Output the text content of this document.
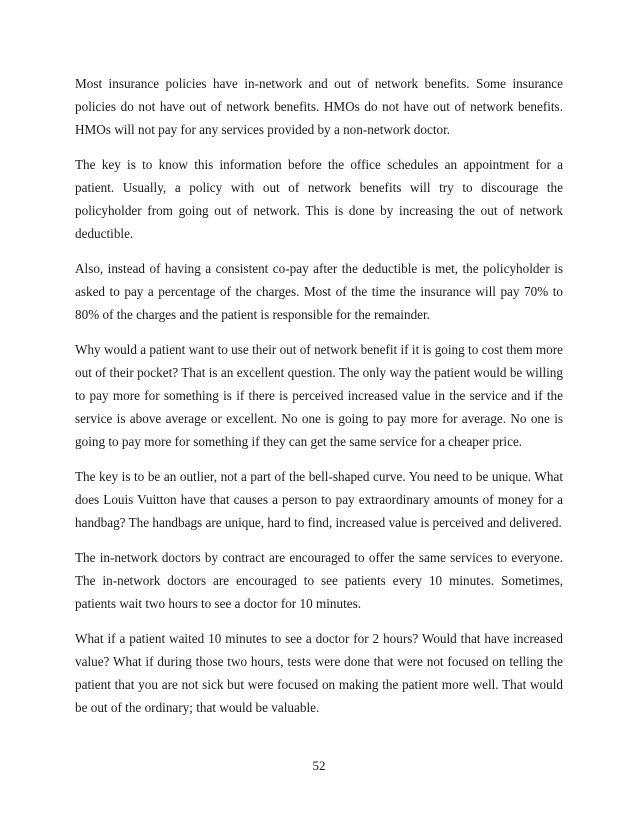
Most insurance policies have in-network and out of network benefits. Some insurance policies do not have out of network benefits. HMOs do not have out of network benefits. HMOs will not pay for any services provided by a non-network doctor.

The key is to know this information before the office schedules an appointment for a patient. Usually, a policy with out of network benefits will try to discourage the policyholder from going out of network. This is done by increasing the out of network deductible.

Also, instead of having a consistent co-pay after the deductible is met, the policyholder is asked to pay a percentage of the charges. Most of the time the insurance will pay 70% to 80% of the charges and the patient is responsible for the remainder.

Why would a patient want to use their out of network benefit if it is going to cost them more out of their pocket? That is an excellent question. The only way the patient would be willing to pay more for something is if there is perceived increased value in the service and if the service is above average or excellent. No one is going to pay more for average. No one is going to pay more for something if they can get the same service for a cheaper price.

The key is to be an outlier, not a part of the bell-shaped curve. You need to be unique. What does Louis Vuitton have that causes a person to pay extraordinary amounts of money for a handbag? The handbags are unique, hard to find, increased value is perceived and delivered.

The in-network doctors by contract are encouraged to offer the same services to everyone. The in-network doctors are encouraged to see patients every 10 minutes. Sometimes, patients wait two hours to see a doctor for 10 minutes.

What if a patient waited 10 minutes to see a doctor for 2 hours? Would that have increased value? What if during those two hours, tests were done that were not focused on telling the patient that you are not sick but were focused on making the patient more well. That would be out of the ordinary; that would be valuable.

52
